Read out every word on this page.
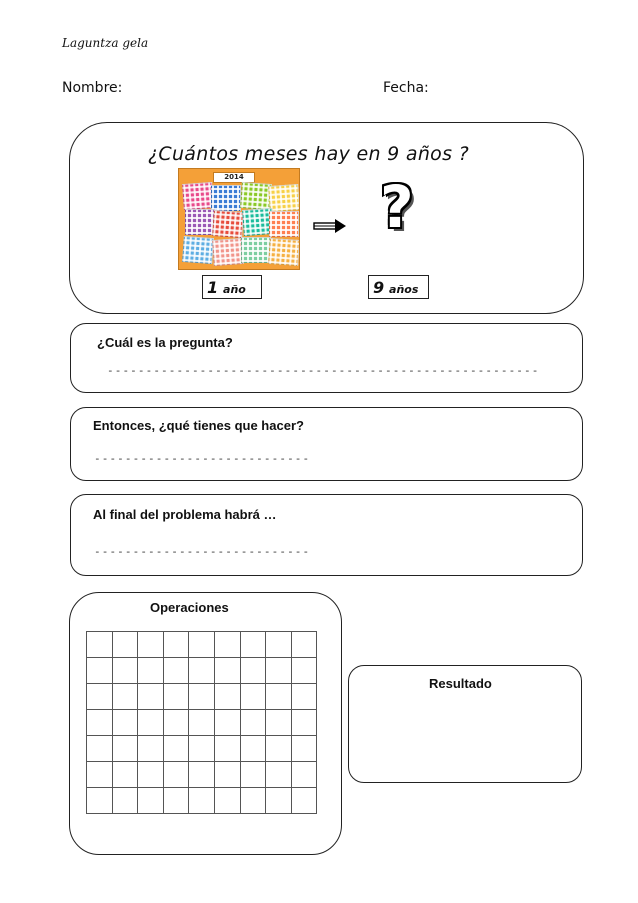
Laguntza gela
Nombre:	Fecha:
¿Cuántos meses hay en 9 años ?
2014 ?
1 año	9 años
¿Cuál es la pregunta?
--------------------------------------------------------
Entonces, ¿qué tienes que hacer?
----------------------------
Al final del problema habrá …
----------------------------
Operaciones

Resultado
